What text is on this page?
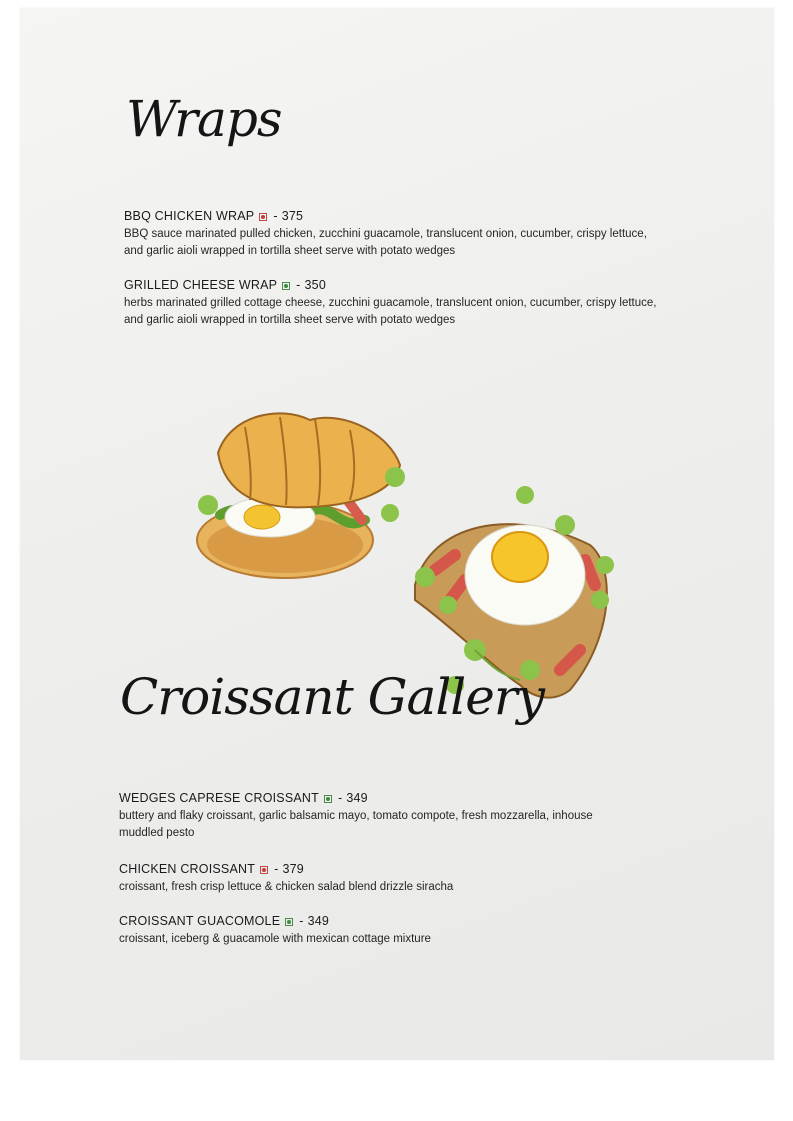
Wraps
BBQ CHICKEN WRAP - 375
BBQ sauce marinated pulled chicken, zucchini guacamole, translucent onion, cucumber, crispy lettuce, and garlic aioli wrapped in tortilla sheet serve with potato wedges
GRILLED CHEESE WRAP - 350
herbs marinated grilled cottage cheese, zucchini guacamole, translucent onion, cucumber, crispy lettuce, and garlic aioli wrapped in tortilla sheet serve with potato wedges
Croissant Gallery
WEDGES CAPRESE CROISSANT - 349
buttery and flaky croissant, garlic balsamic mayo, tomato compote, fresh mozzarella, inhouse muddled pesto
CHICKEN CROISSANT - 379
croissant, fresh crisp lettuce & chicken salad blend drizzle siracha
CROISSANT GUACOMOLE - 349
croissant, iceberg & guacamole with mexican cottage mixture
